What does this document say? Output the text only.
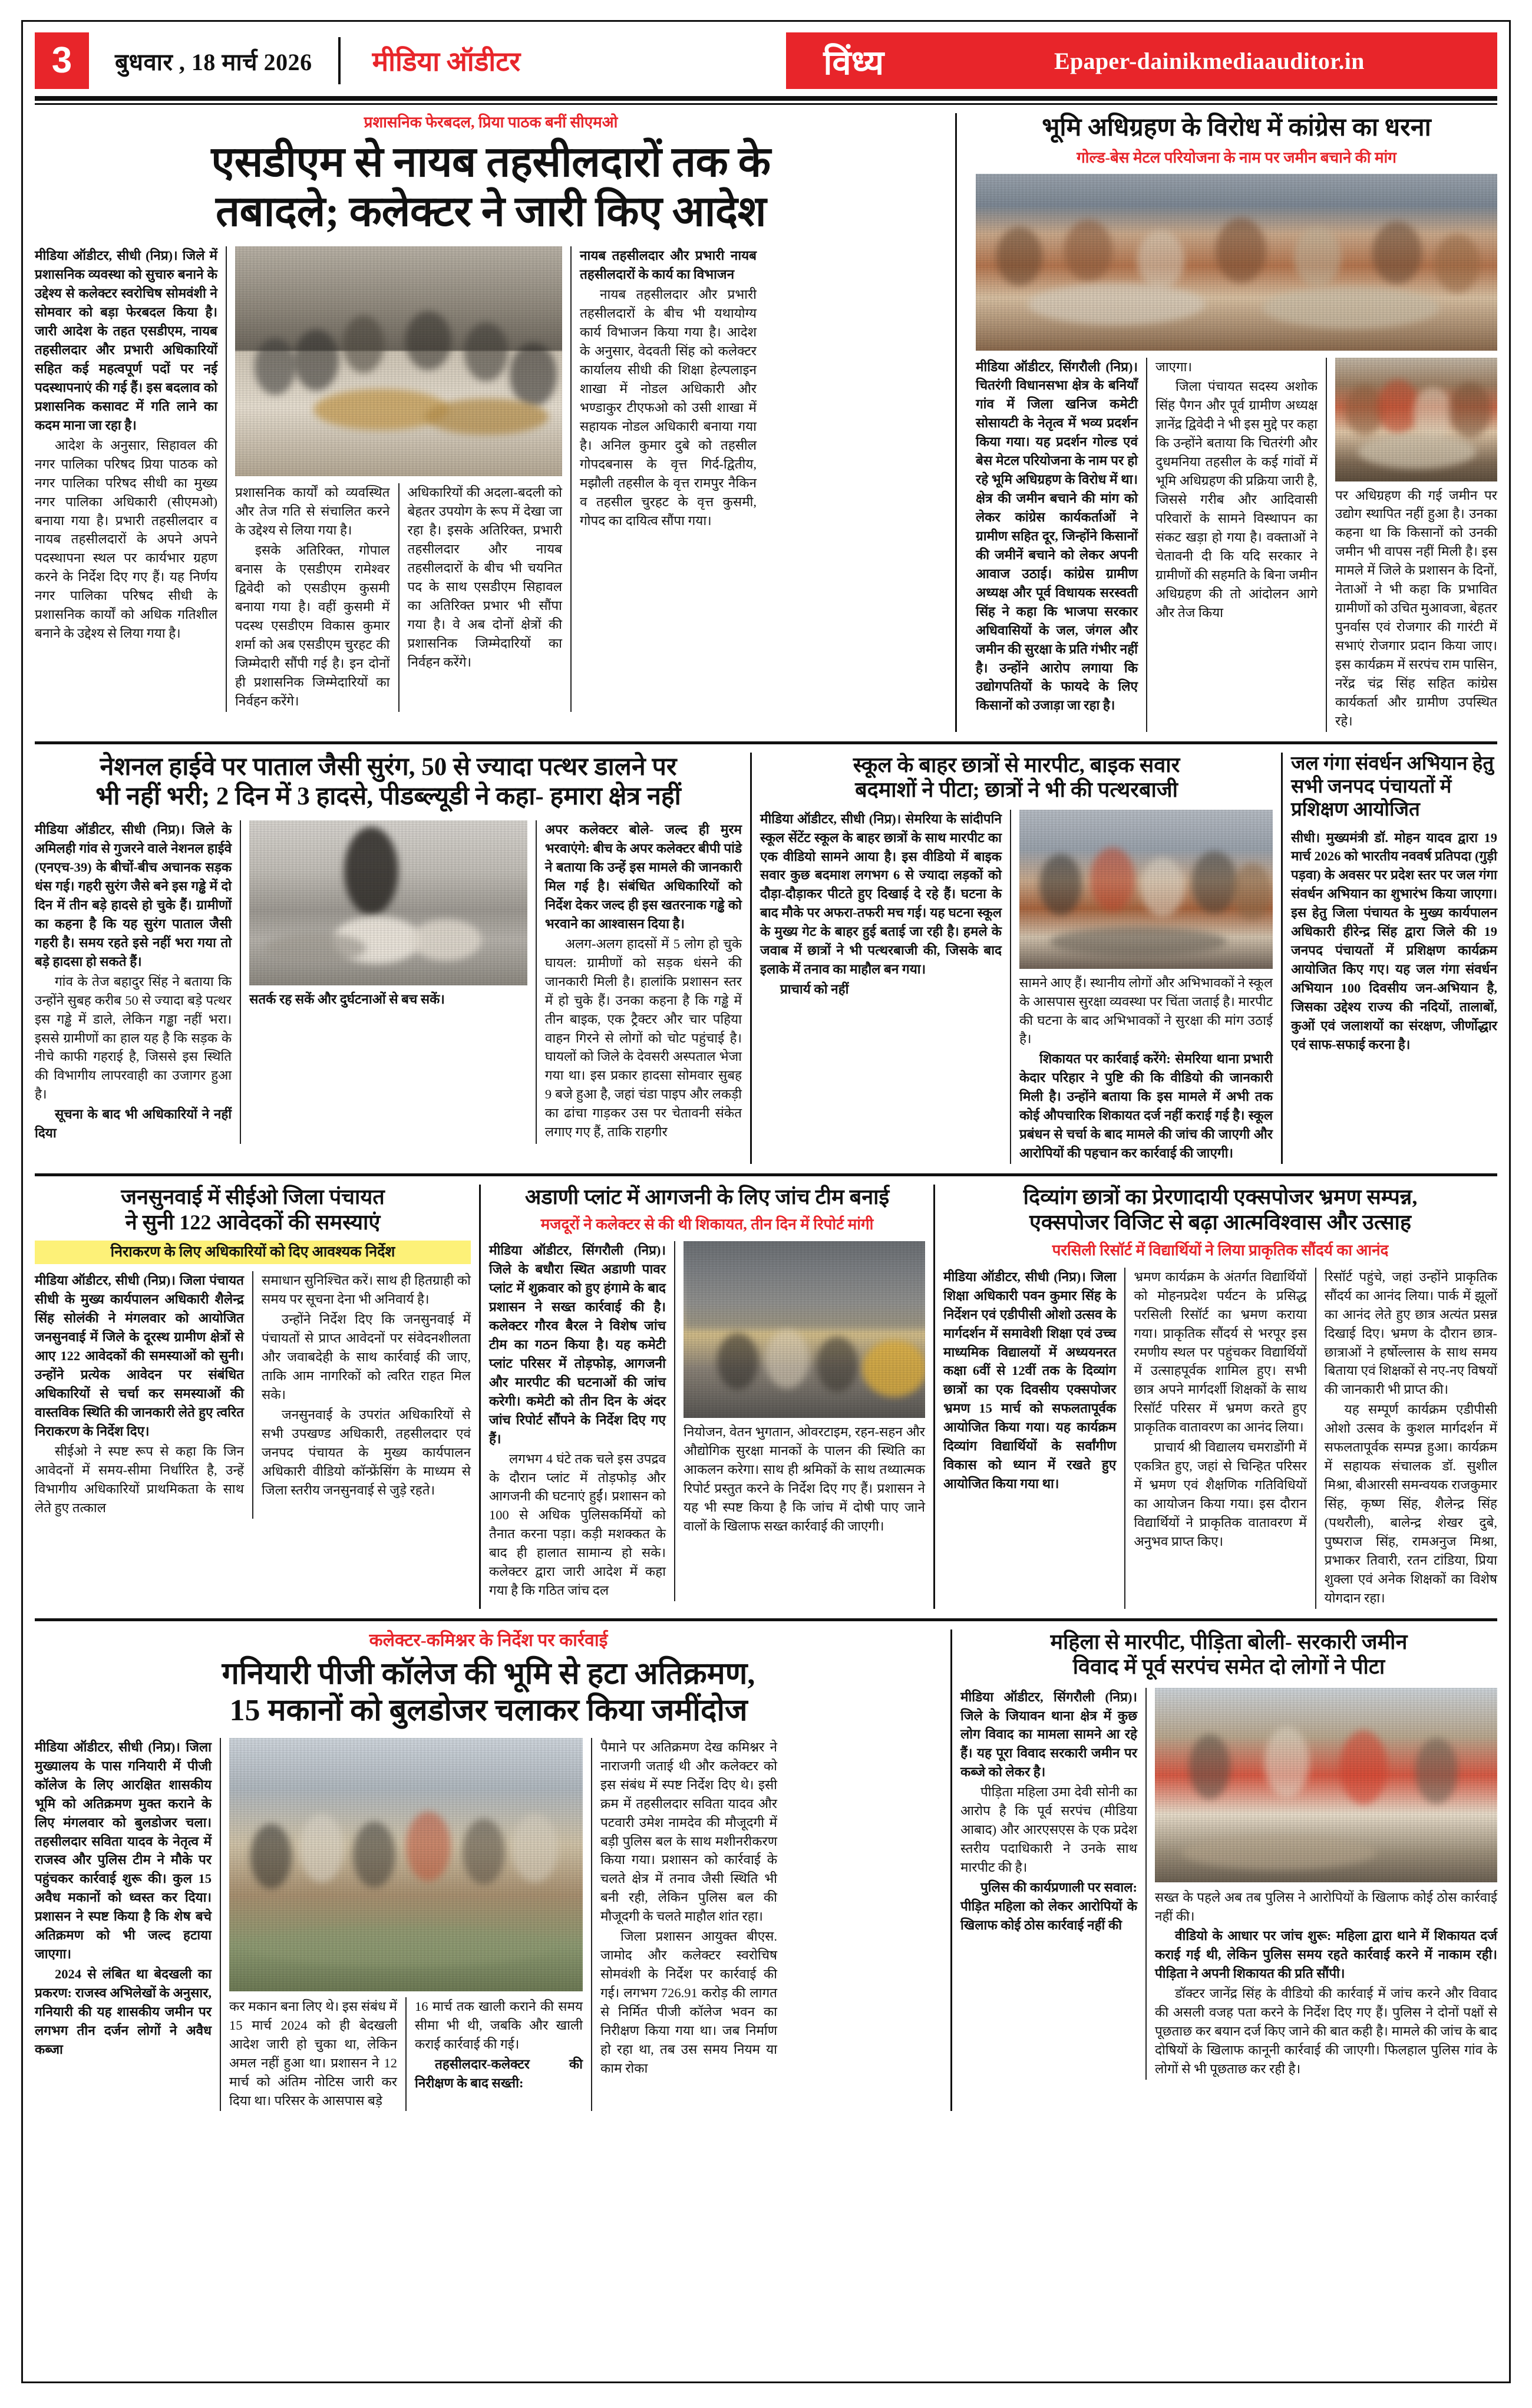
3	बुधवार , 18 मार्च 2026 मीडिया ऑडीटर	विंध्य	Epaper-dainikmediaauditor.in
प्रशासनिक फेरबदल, प्रिया पाठक बनीं सीएमओ
एसडीएम से नायब तहसीलदारों तक के
तबादले; कलेक्टर ने जारी किए आदेश

मीडिया ऑडीटर, सीधी (निप्र)। जिले में प्रशासनिक व्यवस्था को सुचारु बनाने के उद्देश्य से कलेक्टर स्वरोचिष सोमवंशी ने सोमवार को बड़ा फेरबदल किया है। जारी आदेश के तहत एसडीएम, नायब तहसीलदार और प्रभारी अधिकारियों सहित कई महत्वपूर्ण पदों पर नई पदस्थापनाएं की गई हैं। इस बदलाव को प्रशासनिक कसावट में गति लाने का कदम माना जा रहा है।

आदेश के अनुसार, सिहावल की नगर पालिका परिषद प्रिया पाठक को नगर पालिका परिषद सीधी का मुख्य नगर पालिका अधिकारी (सीएमओ) बनाया गया है। प्रभारी तहसीलदार व नायब तहसीलदारों के अपने अपने पदस्थापना स्थल पर कार्यभार ग्रहण करने के निर्देश दिए गए हैं। यह निर्णय नगर पालिका परिषद सीधी के प्रशासनिक कार्यों को अधिक गतिशील बनाने के उद्देश्य से लिया गया है।

प्रशासनिक कार्यों को व्यवस्थित और तेज गति से संचालित करने के उद्देश्य से लिया गया है।

इसके अतिरिक्त, गोपाल बनास के एसडीएम रामेश्वर द्विवेदी को एसडीएम कुसमी बनाया गया है। वहीं कुसमी में पदस्थ एसडीएम विकास कुमार शर्मा को अब एसडीएम चुरहट की जिम्मेदारी सौंपी गई है। इन दोनों ही प्रशासनिक जिम्मेदारियों का निर्वहन करेंगे।

अधिकारियों की अदला-बदली को बेहतर उपयोग के रूप में देखा जा रहा है। इसके अतिरिक्त, प्रभारी तहसीलदार और नायब तहसीलदारों के बीच भी चयनित पद के साथ एसडीएम सिहावल का अतिरिक्त प्रभार भी सौंपा गया है। वे अब दोनों क्षेत्रों की प्रशासनिक जिम्मेदारियों का निर्वहन करेंगे।

नायब तहसीलदार और प्रभारी नायब तहसीलदारों के कार्य का विभाजन

नायब तहसीलदार और प्रभारी तहसीलदारों के बीच भी यथायोग्य कार्य विभाजन किया गया है। आदेश के अनुसार, वेदवती सिंह को कलेक्टर कार्यालय सीधी की शिक्षा हेल्पलाइन शाखा में नोडल अधिकारी और भण्डाकुर टीएफओ को उसी शाखा में सहायक नोडल अधिकारी बनाया गया है। अनिल कुमार दुबे को तहसील गोपदबनास के वृत्त गिर्द-द्वितीय, मझौली तहसील के वृत्त रामपुर नैकिन व तहसील चुरहट के वृत्त कुसमी, गोपद का दायित्व सौंपा गया।

भूमि अधिग्रहण के विरोध में कांग्रेस का धरना
गोल्ड-बेस मेटल परियोजना के नाम पर जमीन बचाने की मांग

मीडिया ऑडीटर, सिंगरौली (निप्र)। चितरंगी विधानसभा क्षेत्र के बनियाँ गांव में जिला खनिज कमेटी सोसायटी के नेतृत्व में भव्य प्रदर्शन किया गया। यह प्रदर्शन गोल्ड एवं बेस मेटल परियोजना के नाम पर हो रहे भूमि अधिग्रहण के विरोध में था। क्षेत्र की जमीन बचाने की मांग को लेकर कांग्रेस कार्यकर्ताओं ने ग्रामीण सहित दूर, जिन्होंने किसानों की जमीनें बचाने को लेकर अपनी आवाज उठाई। कांग्रेस ग्रामीण अध्यक्ष और पूर्व विधायक सरस्वती सिंह ने कहा कि भाजपा सरकार अधिवासियों के जल, जंगल और जमीन की सुरक्षा के प्रति गंभीर नहीं है। उन्होंने आरोप लगाया कि उद्योगपतियों के फायदे के लिए किसानों को उजाड़ा जा रहा है।

जाएगा।

जिला पंचायत सदस्य अशोक सिंह पैगन और पूर्व ग्रामीण अध्यक्ष ज्ञानेंद्र द्विवेदी ने भी इस मुद्दे पर कहा कि उन्होंने बताया कि चितरंगी और दुधमनिया तहसील के कई गांवों में भूमि अधिग्रहण की प्रक्रिया जारी है, जिससे गरीब और आदिवासी परिवारों के सामने विस्थापन का संकट खड़ा हो गया है। वक्ताओं ने चेतावनी दी कि यदि सरकार ने ग्रामीणों की सहमति के बिना जमीन अधिग्रहण की तो आंदोलन आगे और तेज किया

पर अधिग्रहण की गई जमीन पर उद्योग स्थापित नहीं हुआ है। उनका कहना था कि किसानों को उनकी जमीन भी वापस नहीं मिली है। इस मामले में जिले के प्रशासन के दिनों, नेताओं ने भी कहा कि प्रभावित ग्रामीणों को उचित मुआवजा, बेहतर पुनर्वास एवं रोजगार की गारंटी में सभाएं रोजगार प्रदान किया जाए। इस कार्यक्रम में सरपंच राम पासिन, नरेंद्र चंद्र सिंह सहित कांग्रेस कार्यकर्ता और ग्रामीण उपस्थित रहे।

नेशनल हाईवे पर पाताल जैसी सुरंग, 50 से ज्यादा पत्थर डालने पर
भी नहीं भरी; 2 दिन में 3 हादसे, पीडब्ल्यूडी ने कहा- हमारा क्षेत्र नहीं

मीडिया ऑडीटर, सीधी (निप्र)। जिले के अमिलही गांव से गुजरने वाले नेशनल हाईवे (एनएच-39) के बीचों-बीच अचानक सड़क धंस गई। गहरी सुरंग जैसे बने इस गड्ढे में दो दिन में तीन बड़े हादसे हो चुके हैं। ग्रामीणों का कहना है कि यह सुरंग पाताल जैसी गहरी है। समय रहते इसे नहीं भरा गया तो बड़े हादसा हो सकते हैं।

गांव के तेज बहादुर सिंह ने बताया कि उन्होंने सुबह करीब 50 से ज्यादा बड़े पत्थर इस गड्ढे में डाले, लेकिन गड्ढा नहीं भरा। इससे ग्रामीणों का हाल यह है कि सड़क के नीचे काफी गहराई है, जिससे इस स्थिति की विभागीय लापरवाही का उजागर हुआ है।

सूचना के बाद भी अधिकारियों ने नहीं दिया

सतर्क रह सकें और दुर्घटनाओं से बच सकें।

अपर कलेक्टर बोले- जल्द ही मुरम भरवाएंगे: बीच के अपर कलेक्टर बीपी पांडे ने बताया कि उन्हें इस मामले की जानकारी मिल गई है। संबंधित अधिकारियों को निर्देश देकर जल्द ही इस खतरनाक गड्ढे को भरवाने का आश्वासन दिया है।

अलग-अलग हादसों में 5 लोग हो चुके घायल: ग्रामीणों को सड़क धंसने की जानकारी मिली है। हालांकि प्रशासन स्तर में हो चुके हैं। उनका कहना है कि गड्ढे में तीन बाइक, एक ट्रैक्टर और चार पहिया वाहन गिरने से लोगों को चोट पहुंचाई है। घायलों को जिले के देवसरी अस्पताल भेजा गया था। इस प्रकार हादसा सोमवार सुबह 9 बजे हुआ है, जहां चंडा पाइप और लकड़ी का ढांचा गाड़कर उस पर चेतावनी संकेत लगाए गए हैं, ताकि राहगीर

स्कूल के बाहर छात्रों से मारपीट, बाइक सवार
बदमाशों ने पीटा; छात्रों ने भी की पत्थरबाजी

मीडिया ऑडीटर, सीधी (निप्र)। सेमरिया के सांदीपनि स्कूल सेंटेंट स्कूल के बाहर छात्रों के साथ मारपीट का एक वीडियो सामने आया है। इस वीडियो में बाइक सवार कुछ बदमाश लगभग 6 से ज्यादा लड़कों को दौड़ा-दौड़ाकर पीटते हुए दिखाई दे रहे हैं। घटना के बाद मौके पर अफरा-तफरी मच गई। यह घटना स्कूल के मुख्य गेट के बाहर हुई बताई जा रही है। हमले के जवाब में छात्रों ने भी पत्थरबाजी की, जिसके बाद इलाके में तनाव का माहौल बन गया।

प्राचार्य को नहीं	सामने आए हैं। स्थानीय लोगों और अभिभावकों ने स्कूल के आसपास सुरक्षा व्यवस्था पर चिंता जताई है। मारपीट की घटना के बाद अभिभावकों ने सुरक्षा की मांग उठाई है।

शिकायत पर कार्रवाई करेंगे: सेमरिया थाना प्रभारी केदार परिहार ने पुष्टि की कि वीडियो की जानकारी मिली है। उन्होंने बताया कि इस मामले में अभी तक कोई औपचारिक शिकायत दर्ज नहीं कराई गई है। स्कूल प्रबंधन से चर्चा के बाद मामले की जांच की जाएगी और आरोपियों की पहचान कर कार्रवाई की जाएगी।

जल गंगा संवर्धन अभियान हेतु सभी जनपद पंचायतों में प्रशिक्षण आयोजित

सीधी। मुख्यमंत्री डॉ. मोहन यादव द्वारा 19 मार्च 2026 को भारतीय नववर्ष प्रतिपदा (गुड़ी पड़वा) के अवसर पर प्रदेश स्तर पर जल गंगा संवर्धन अभियान का शुभारंभ किया जाएगा। इस हेतु जिला पंचायत के मुख्य कार्यपालन अधिकारी हीरेन्द्र सिंह द्वारा जिले की 19 जनपद पंचायतों में प्रशिक्षण कार्यक्रम आयोजित किए गए। यह जल गंगा संवर्धन अभियान 100 दिवसीय जन-अभियान है, जिसका उद्देश्य राज्य की नदियों, तालाबों, कुओं एवं जलाशयों का संरक्षण, जीर्णोद्धार एवं साफ-सफाई करना है।

जनसुनवाई में सीईओ जिला पंचायत
ने सुनी 122 आवेदकों की समस्याएं
निराकरण के लिए अधिकारियों को दिए आवश्यक निर्देश

मीडिया ऑडीटर, सीधी (निप्र)। जिला पंचायत सीधी के मुख्य कार्यपालन अधिकारी शैलेन्द्र सिंह सोलंकी ने मंगलवार को आयोजित जनसुनवाई में जिले के दूरस्थ ग्रामीण क्षेत्रों से आए 122 आवेदकों की समस्याओं को सुनी। उन्होंने प्रत्येक आवेदन पर संबंधित अधिकारियों से चर्चा कर समस्याओं की वास्तविक स्थिति की जानकारी लेते हुए त्वरित निराकरण के निर्देश दिए।

सीईओ ने स्पष्ट रूप से कहा कि जिन आवेदनों में समय-सीमा निर्धारित है, उन्हें विभागीय अधिकारियों प्राथमिकता के साथ लेते हुए तत्काल

समाधान सुनिश्चित करें। साथ ही हितग्राही को समय पर सूचना देना भी अनिवार्य है।

उन्होंने निर्देश दिए कि जनसुनवाई में पंचायतों से प्राप्त आवेदनों पर संवेदनशीलता और जवाबदेही के साथ कार्रवाई की जाए, ताकि आम नागरिकों को त्वरित राहत मिल सके।

जनसुनवाई के उपरांत अधिकारियों से सभी उपखण्ड अधिकारी, तहसीलदार एवं जनपद पंचायत के मुख्य कार्यपालन अधिकारी वीडियो कॉन्फ्रेंसिंग के माध्यम से जिला स्तरीय जनसुनवाई से जुड़े रहते।

अडाणी प्लांट में आगजनी के लिए जांच टीम बनाई
मजदूरों ने कलेक्टर से की थी शिकायत, तीन दिन में रिपोर्ट मांगी

मीडिया ऑडीटर, सिंगरौली (निप्र)। जिले के बधौरा स्थित अडाणी पावर प्लांट में शुक्रवार को हुए हंगामे के बाद प्रशासन ने सख्त कार्रवाई की है। कलेक्टर गौरव बैरल ने विशेष जांच टीम का गठन किया है। यह कमेटी प्लांट परिसर में तोड़फोड़, आगजनी और मारपीट की घटनाओं की जांच करेगी। कमेटी को तीन दिन के अंदर जांच रिपोर्ट सौंपने के निर्देश दिए गए हैं।

लगभग 4 घंटे तक चले इस उपद्रव के दौरान प्लांट में तोड़फोड़ और आगजनी की घटनाएं हुईं। प्रशासन को 100 से अधिक पुलिसकर्मियों को तैनात करना पड़ा। कड़ी मशक्कत के बाद ही हालात सामान्य हो सके। कलेक्टर द्वारा जारी आदेश में कहा गया है कि गठित जांच दल

नियोजन, वेतन भुगतान, ओवरटाइम, रहन-सहन और औद्योगिक सुरक्षा मानकों के पालन की स्थिति का आकलन करेगा। साथ ही श्रमिकों के साथ तथ्यात्मक रिपोर्ट प्रस्तुत करने के निर्देश दिए गए हैं। प्रशासन ने यह भी स्पष्ट किया है कि जांच में दोषी पाए जाने वालों के खिलाफ सख्त कार्रवाई की जाएगी।

दिव्यांग छात्रों का प्रेरणादायी एक्सपोजर भ्रमण सम्पन्न,
एक्सपोजर विजिट से बढ़ा आत्मविश्वास और उत्साह
परसिली रिसॉर्ट में विद्यार्थियों ने लिया प्राकृतिक सौंदर्य का आनंद

मीडिया ऑडीटर, सीधी (निप्र)। जिला शिक्षा अधिकारी पवन कुमार सिंह के निर्देशन एवं एडीपीसी ओशो उत्सव के मार्गदर्शन में समावेशी शिक्षा एवं उच्च माध्यमिक विद्यालयों में अध्ययनरत कक्षा 6वीं से 12वीं तक के दिव्यांग छात्रों का एक दिवसीय एक्सपोजर भ्रमण 15 मार्च को सफलतापूर्वक आयोजित किया गया। यह कार्यक्रम दिव्यांग विद्यार्थियों के सर्वांगीण विकास को ध्यान में रखते हुए आयोजित किया गया था।

भ्रमण कार्यक्रम के अंतर्गत विद्यार्थियों को मोहनप्रदेश पर्यटन के प्रसिद्ध परसिली रिसॉर्ट का भ्रमण कराया गया। प्राकृतिक सौंदर्य से भरपूर इस रमणीय स्थल पर पहुंचकर विद्यार्थियों में उत्साहपूर्वक शामिल हुए। सभी छात्र अपने मार्गदर्शी शिक्षकों के साथ रिसॉर्ट परिसर में भ्रमण करते हुए प्राकृतिक वातावरण का आनंद लिया।

प्राचार्य श्री विद्यालय चमराडोंगी में एकत्रित हुए, जहां से चिन्हित परिसर में भ्रमण एवं शैक्षणिक गतिविधियों का आयोजन किया गया। इस दौरान विद्यार्थियों ने प्राकृतिक वातावरण में अनुभव प्राप्त किए।

रिसॉर्ट पहुंचे, जहां उन्होंने प्राकृतिक सौंदर्य का आनंद लिया। पार्क में झूलों का आनंद लेते हुए छात्र अत्यंत प्रसन्न दिखाई दिए। भ्रमण के दौरान छात्र-छात्राओं ने हर्षोल्लास के साथ समय बिताया एवं शिक्षकों से नए-नए विषयों की जानकारी भी प्राप्त की।

यह सम्पूर्ण कार्यक्रम एडीपीसी ओशो उत्सव के कुशल मार्गदर्शन में सफलतापूर्वक सम्पन्न हुआ। कार्यक्रम में सहायक संचालक डॉ. सुशील मिश्रा, बीआरसी समन्वयक राजकुमार सिंह, कृष्ण सिंह, शैलेन्द्र सिंह (पथरौली), बालेन्द्र शेखर दुबे, पुष्पराज सिंह, रामअनुज मिश्रा, प्रभाकर तिवारी, रतन टांडिया, प्रिया शुक्ला एवं अनेक शिक्षकों का विशेष योगदान रहा।

कलेक्टर-कमिश्नर के निर्देश पर कार्रवाई
गनियारी पीजी कॉलेज की भूमि से हटा अतिक्रमण,
15 मकानों को बुलडोजर चलाकर किया जमींदोज

मीडिया ऑडीटर, सीधी (निप्र)। जिला मुख्यालय के पास गनियारी में पीजी कॉलेज के लिए आरक्षित शासकीय भूमि को अतिक्रमण मुक्त कराने के लिए मंगलवार को बुलडोजर चला। तहसीलदार सविता यादव के नेतृत्व में राजस्व और पुलिस टीम ने मौके पर पहुंचकर कार्रवाई शुरू की। कुल 15 अवैध मकानों को ध्वस्त कर दिया। प्रशासन ने स्पष्ट किया है कि शेष बचे अतिक्रमण को भी जल्द हटाया जाएगा।

2024 से लंबित था बेदखली का प्रकरण: राजस्व अभिलेखों के अनुसार, गनियारी की यह शासकीय जमीन पर लगभग तीन दर्जन लोगों ने अवैध कब्जा

कर मकान बना लिए थे। इस संबंध में 15 मार्च 2024 को ही बेदखली आदेश जारी हो चुका था, लेकिन अमल नहीं हुआ था। प्रशासन ने 12 मार्च को अंतिम नोटिस जारी कर दिया था। परिसर के आसपास बड़े

16 मार्च तक खाली कराने की समय सीमा भी थी, जबकि और खाली कराई कार्रवाई की गई।

तहसीलदार-कलेक्टर की निरीक्षण के बाद सख्ती:

पैमाने पर अतिक्रमण देख कमिश्नर ने नाराजगी जताई थी और कलेक्टर को इस संबंध में स्पष्ट निर्देश दिए थे। इसी क्रम में तहसीलदार सविता यादव और पटवारी उमेश नामदेव की मौजूदगी में बड़ी पुलिस बल के साथ मशीनरीकरण किया गया। प्रशासन को कार्रवाई के चलते क्षेत्र में तनाव जैसी स्थिति भी बनी रही, लेकिन पुलिस बल की मौजूदगी के चलते माहौल शांत रहा।

जिला प्रशासन आयुक्त बीएस. जामोद और कलेक्टर स्वरोचिष सोमवंशी के निर्देश पर कार्रवाई की गई। लगभग 726.91 करोड़ की लागत से निर्मित पीजी कॉलेज भवन का निरीक्षण किया गया था। जब निर्माण हो रहा था, तब उस समय नियम या काम रोका

महिला से मारपीट, पीड़िता बोली- सरकारी जमीन
विवाद में पूर्व सरपंच समेत दो लोगों ने पीटा

मीडिया ऑडीटर, सिंगरौली (निप्र)। जिले के जियावन थाना क्षेत्र में कुछ लोग विवाद का मामला सामने आ रहे हैं। यह पूरा विवाद सरकारी जमीन पर कब्जे को लेकर है।

पीड़िता महिला उमा देवी सोनी का आरोप है कि पूर्व सरपंच (मीडिया आबाद) और आरएसएस के एक प्रदेश स्तरीय पदाधिकारी ने उनके साथ मारपीट की है।

पुलिस की कार्यप्रणाली पर सवाल: पीड़ित महिला को लेकर आरोपियों के खिलाफ कोई ठोस कार्रवाई नहीं की

सख्त के पहले अब तब पुलिस ने आरोपियों के खिलाफ कोई ठोस कार्रवाई नहीं की।

वीडियो के आधार पर जांच शुरू: महिला द्वारा थाने में शिकायत दर्ज कराई गई थी, लेकिन पुलिस समय रहते कार्रवाई करने में नाकाम रही। पीड़िता ने अपनी शिकायत की प्रति सौंपी।

डॉक्टर जानेंद्र सिंह के वीडियो की कार्रवाई में जांच करने और विवाद की असली वजह पता करने के निर्देश दिए गए हैं। पुलिस ने दोनों पक्षों से पूछताछ कर बयान दर्ज किए जाने की बात कही है। मामले की जांच के बाद दोषियों के खिलाफ कानूनी कार्रवाई की जाएगी। फिलहाल पुलिस गांव के लोगों से भी पूछताछ कर रही है।
